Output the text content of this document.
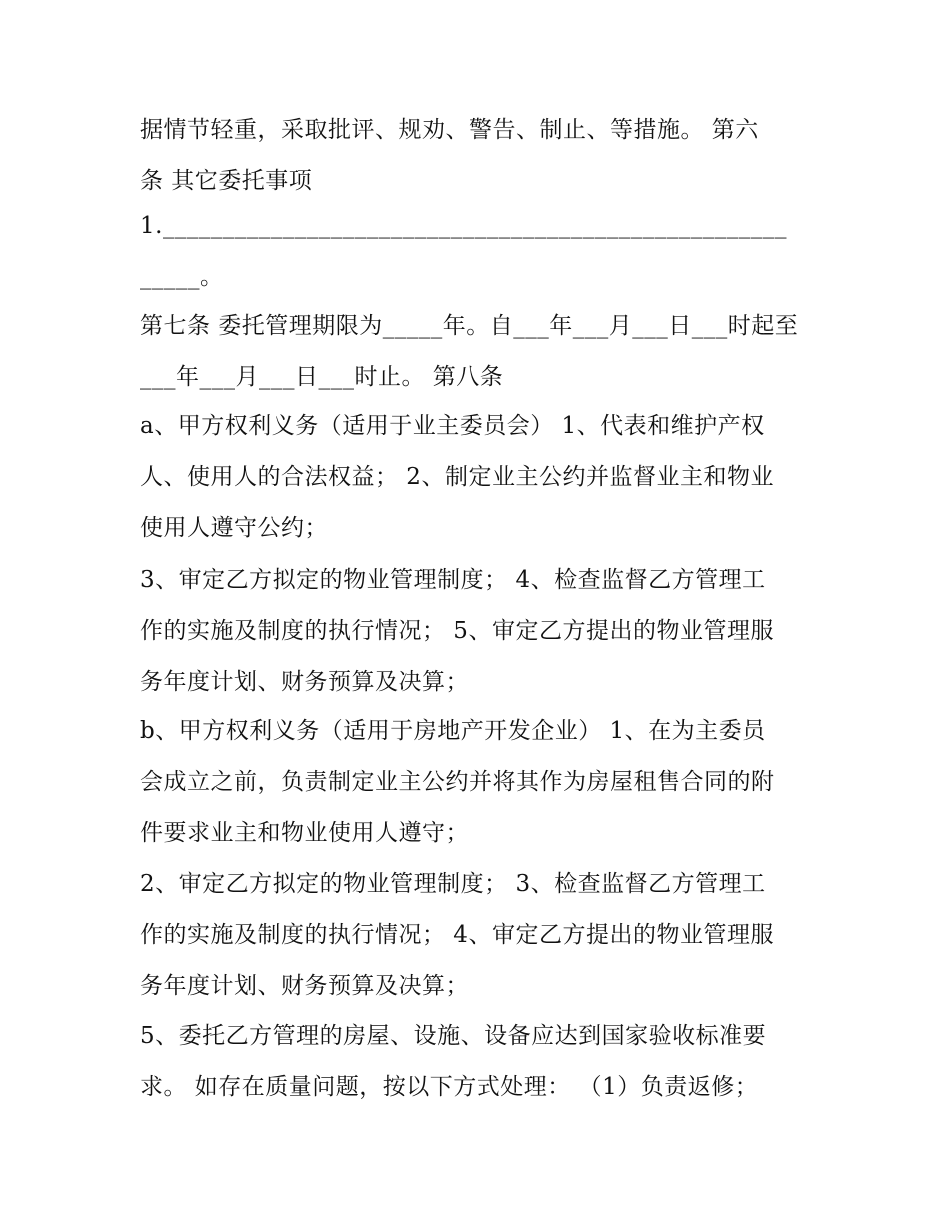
据情节轻重，采取批评、规劝、警告、制止、等措施。 第六
条 其它委托事项
1.____________________________________________________
_____。
第七条 委托管理期限为_____年。自___年___月___日___时起至
___年___月___日___时止。 第八条
a、甲方权利义务（适用于业主委员会） 1、代表和维护产权
人、使用人的合法权益； 2、制定业主公约并监督业主和物业
使用人遵守公约；
3、审定乙方拟定的物业管理制度； 4、检查监督乙方管理工
作的实施及制度的执行情况； 5、审定乙方提出的物业管理服
务年度计划、财务预算及决算；
b、甲方权利义务（适用于房地产开发企业） 1、在为主委员
会成立之前，负责制定业主公约并将其作为房屋租售合同的附
件要求业主和物业使用人遵守；
2、审定乙方拟定的物业管理制度； 3、检查监督乙方管理工
作的实施及制度的执行情况； 4、审定乙方提出的物业管理服
务年度计划、财务预算及决算；
5、委托乙方管理的房屋、设施、设备应达到国家验收标准要
求。 如存在质量问题，按以下方式处理： （1）负责返修；
